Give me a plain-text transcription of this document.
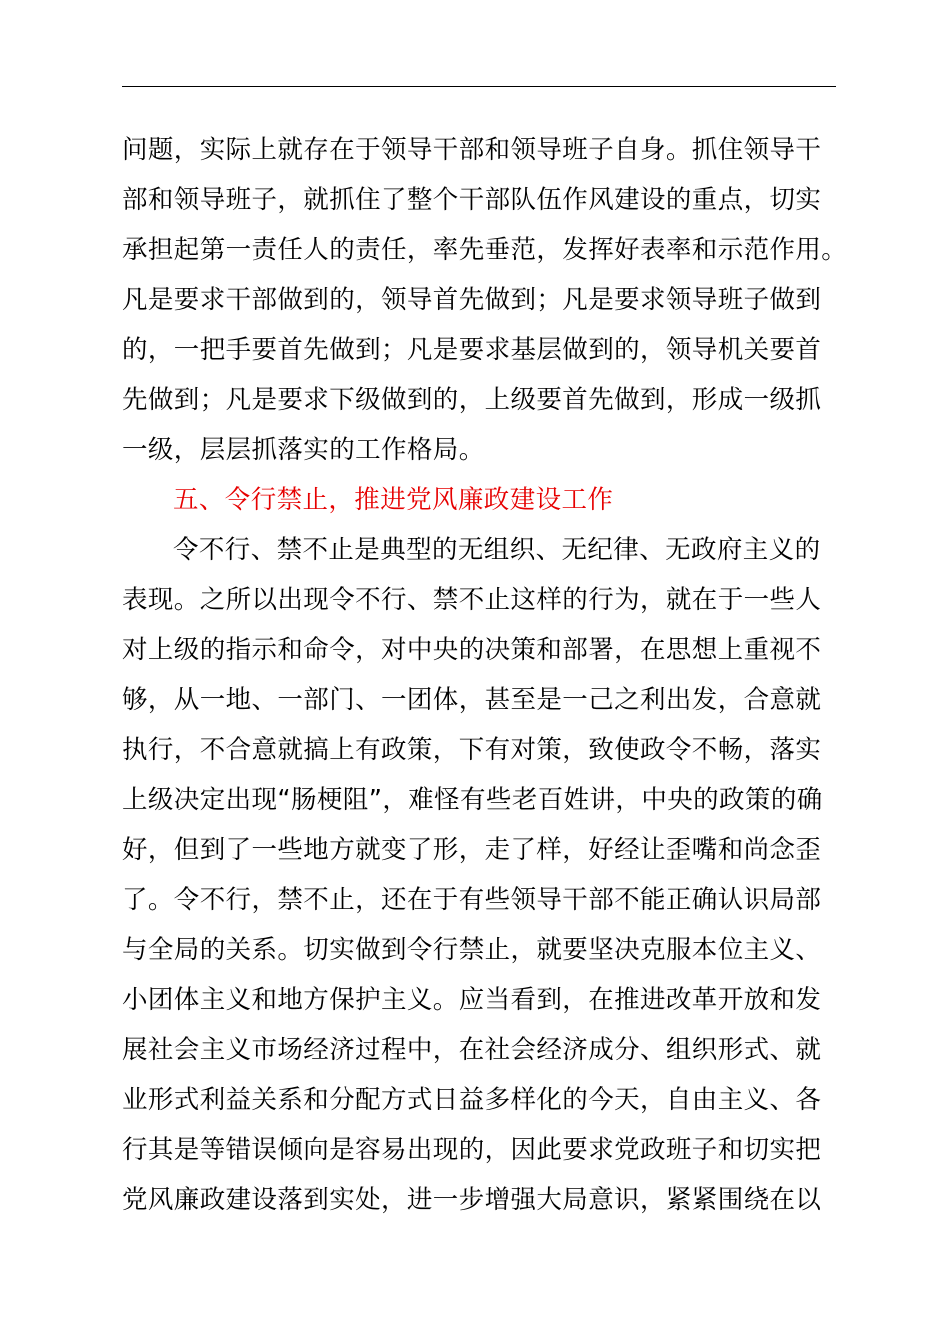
问题，实际上就存在于领导干部和领导班子自身。抓住领导干
部和领导班子，就抓住了整个干部队伍作风建设的重点，切实
承担起第一责任人的责任，率先垂范，发挥好表率和示范作用。
凡是要求干部做到的，领导首先做到；凡是要求领导班子做到
的，一把手要首先做到；凡是要求基层做到的，领导机关要首
先做到；凡是要求下级做到的，上级要首先做到，形成一级抓
一级，层层抓落实的工作格局。
五、令行禁止，推进党风廉政建设工作
令不行、禁不止是典型的无组织、无纪律、无政府主义的
表现。之所以出现令不行、禁不止这样的行为，就在于一些人
对上级的指示和命令，对中央的决策和部署，在思想上重视不
够，从一地、一部门、一团体，甚至是一己之利出发，合意就
执行，不合意就搞上有政策，下有对策，致使政令不畅，落实
上级决定出现“肠梗阻”，难怪有些老百姓讲，中央的政策的确
好，但到了一些地方就变了形，走了样，好经让歪嘴和尚念歪
了。令不行，禁不止，还在于有些领导干部不能正确认识局部
与全局的关系。切实做到令行禁止，就要坚决克服本位主义、
小团体主义和地方保护主义。应当看到，在推进改革开放和发
展社会主义市场经济过程中，在社会经济成分、组织形式、就
业形式利益关系和分配方式日益多样化的今天，自由主义、各
行其是等错误倾向是容易出现的，因此要求党政班子和切实把
党风廉政建设落到实处，进一步增强大局意识，紧紧围绕在以
